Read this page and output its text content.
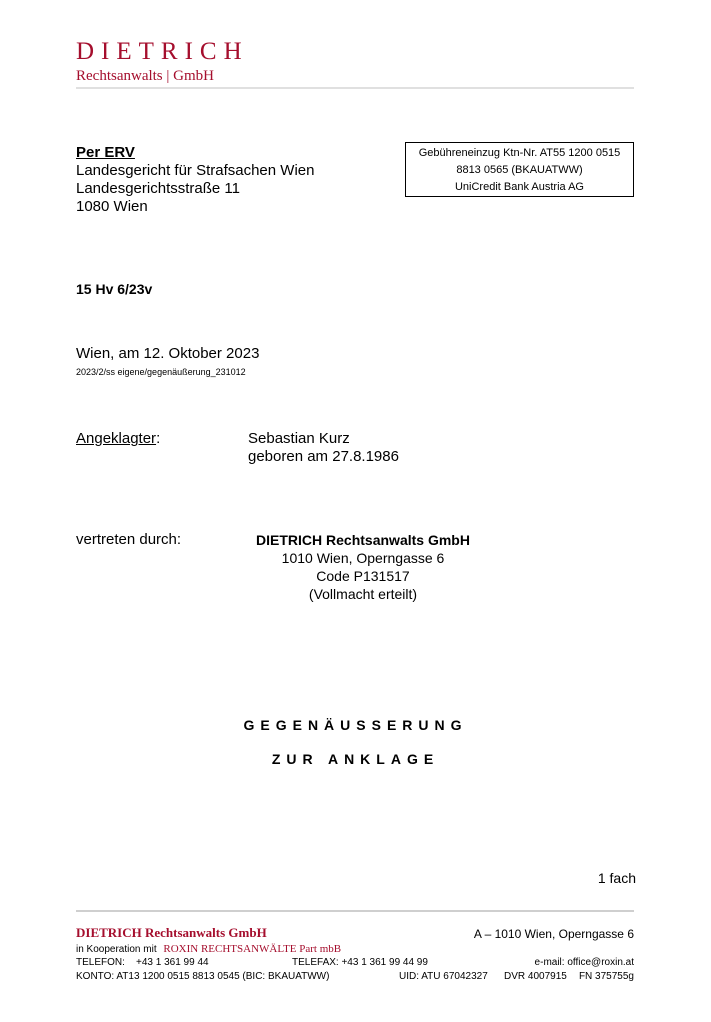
DIETRICH
Rechtsanwalts | GmbH
Per ERV
Landesgericht für Strafsachen Wien
Landesgerichtsstraße 11
1080 Wien
Gebühreneinzug Ktn-Nr. AT55 1200 0515
8813 0565 (BKAUATWW)
UniCredit Bank Austria AG
15 Hv 6/23v
Wien, am 12. Oktober 2023
2023/2/ss eigene/gegenäußerung_231012
Angeklagter:	Sebastian Kurz
geboren am 27.8.1986
vertreten durch:	DIETRICH Rechtsanwalts GmbH
1010 Wien, Operngasse 6
Code P131517
(Vollmacht erteilt)
GEGENÄUSSERUNG
ZUR ANKLAGE
1 fach
DIETRICH Rechtsanwalts GmbH	A – 1010 Wien, Operngasse 6
in Kooperation mit ROXIN RECHTSANWÄLTE Part mbB
TELEFON:    +43 1 361 99 44	TELEFAX: +43 1 361 99 44 99	e-mail: office@roxin.at
KONTO: AT13 1200 0515 8813 0545 (BIC: BKAUATWW)	UID: ATU 67042327 DVR 4007915 FN 375755g
